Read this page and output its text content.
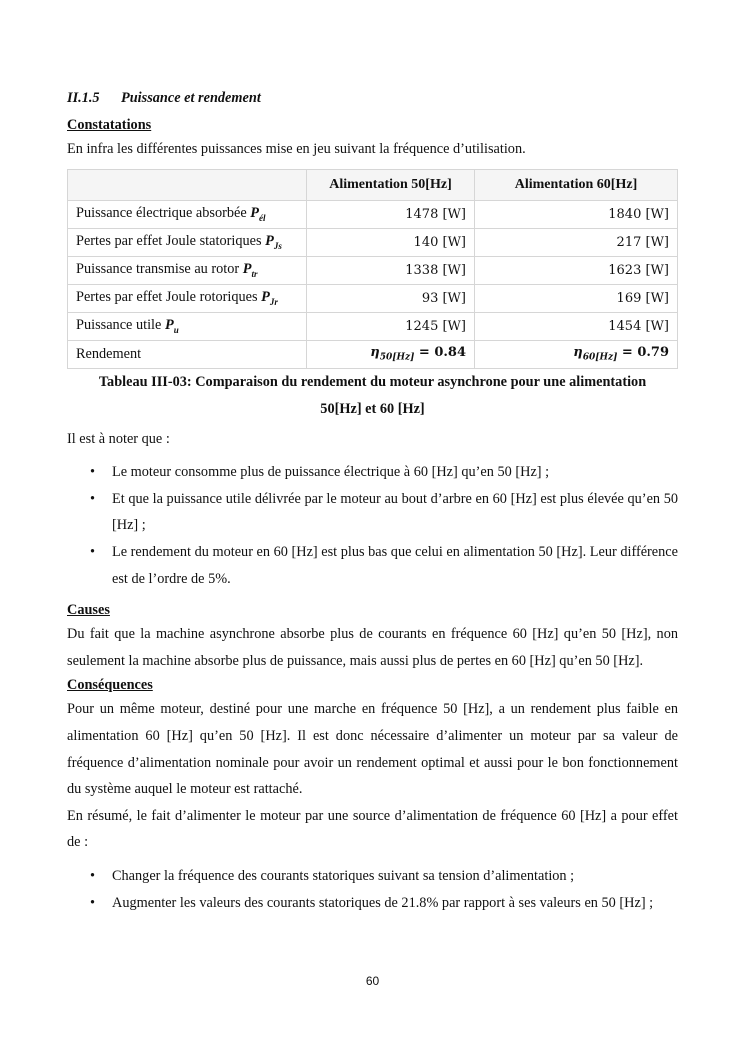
II.1.5 Puissance et rendement
Constatations

En infra les différentes puissances mise en jeu suivant la fréquence d’utilisation.

	Alimentation 50[Hz]	Alimentation 60[Hz]
Puissance électrique absorbée $P_{él}$	1478 [W]	1840 [W]
Pertes par effet Joule statoriques $P_{Js}$	140 [W]	217 [W]
Puissance transmise au rotor $P_{tr}$	1338 [W]	1623 [W]
Pertes par effet Joule rotoriques $P_{Jr}$	93 [W]	169 [W]
Puissance utile $P_u$	1245 [W]	1454 [W]
Rendement	$\eta_{50[Hz]} = 0.84$	$\eta_{60[Hz]} = 0.79$
Tableau III-03: Comparaison du rendement du moteur asynchrone pour une alimentation
50[Hz] et 60 [Hz]

Il est à noter que :

• Le moteur consomme plus de puissance électrique à 60 [Hz] qu’en 50 [Hz] ;
• Et que la puissance utile délivrée par le moteur au bout d’arbre en 60 [Hz] est plus élevée qu’en 50 [Hz] ;
• Le rendement du moteur en 60 [Hz] est plus bas que celui en alimentation 50 [Hz]. Leur différence est de l’ordre de 5%.
Causes

Du fait que la machine asynchrone absorbe plus de courants en fréquence 60 [Hz] qu’en 50 [Hz], non seulement la machine absorbe plus de puissance, mais aussi plus de pertes en 60 [Hz] qu’en 50 [Hz].

Conséquences

Pour un même moteur, destiné pour une marche en fréquence 50 [Hz], a un rendement plus faible en alimentation 60 [Hz] qu’en 50 [Hz]. Il est donc nécessaire d’alimenter un moteur par sa valeur de fréquence d’alimentation nominale pour avoir un rendement optimal et aussi pour le bon fonctionnement du système auquel le moteur est rattaché.

En résumé, le fait d’alimenter le moteur par une source d’alimentation de fréquence 60 [Hz] a pour effet de :

• Changer la fréquence des courants statoriques suivant sa tension d’alimentation ;
• Augmenter les valeurs des courants statoriques de 21.8% par rapport à ses valeurs en 50 [Hz] ;
60
